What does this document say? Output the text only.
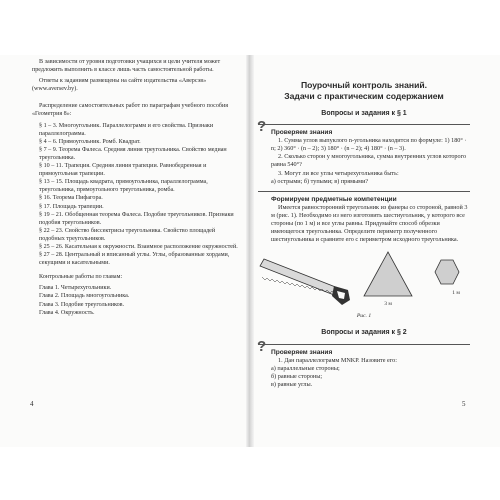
В зависимости от уровня подготовки учащихся и цели учителя может предложить выполнить в классе лишь часть самостоятельной работы.

Ответы к заданиям размещены на сайте издательства «Аверсэв» (www.aversev.by).

Распределение самостоятельных работ по параграфам учебного пособия «Геометрия 8»:

§ 1 – 3. Многоугольник. Параллелограмм и его свойства. Признаки параллелограмма.
§ 4 – 6. Прямоугольник. Ромб. Квадрат.
§ 7 – 9. Теорема Фалеса. Средняя линия треугольника. Свойство медиан треугольника.
§ 10 – 11. Трапеция. Средняя линия трапеции. Равнобедренная и прямоугольная трапеции.
§ 13 – 15. Площадь квадрата, прямоугольника, параллелограмма, треугольника, прямоугольного треугольника, ромба.
§ 16. Теорема Пифагора.
§ 17. Площадь трапеции.
§ 19 – 21. Обобщенная теорема Фалеса. Подобие треугольников. Признаки подобия треугольников.
§ 22 – 23. Свойство биссектрисы треугольника. Свойство площадей подобных треугольников.
§ 25 – 26. Касательная к окружности. Взаимное расположение окружностей.
§ 27 – 28. Центральный и вписанный углы. Углы, образованные хордами, секущими и касательными.

Контрольные работы по главам:

Глава 1. Четырехугольники.
Глава 2. Площадь многоугольника.
Глава 3. Подобие треугольников.
Глава 4. Окружность.
4
Поурочный контроль знаний.
Задачи с практическим содержанием
Вопросы и задания к § 1
? Проверяем знания

1. Сумма углов выпуклого n-угольника находится по формуле: 1) 180° · n; 2) 360° · (n – 2); 3) 180° · (n – 2); 4) 180° · (n – 3).

2. Сколько сторон у многоугольника, сумма внутренних углов которого равна 540°?

3. Могут ли все углы четырехугольника быть:

а) острыми; б) тупыми; в) прямыми?

Формируем предметные компетенции

Имеется равносторонний треугольник из фанеры со стороной, равной 3 м (рис. 1). Необходимо из него изготовить шестиугольник, у которого все стороны (по 1 м) и все углы равны. Придумайте способ обрезки имеющегося треугольника. Определите периметр полученного шестиугольника и сравните его с периметром исходного треугольника.

3 м
1 м

Рис. 1

Вопросы и задания к § 2
? Проверяем знания

1. Дан параллелограмм MNKP. Назовите его:

а) параллельные стороны;

б) равные стороны;

в) равные углы.

5
